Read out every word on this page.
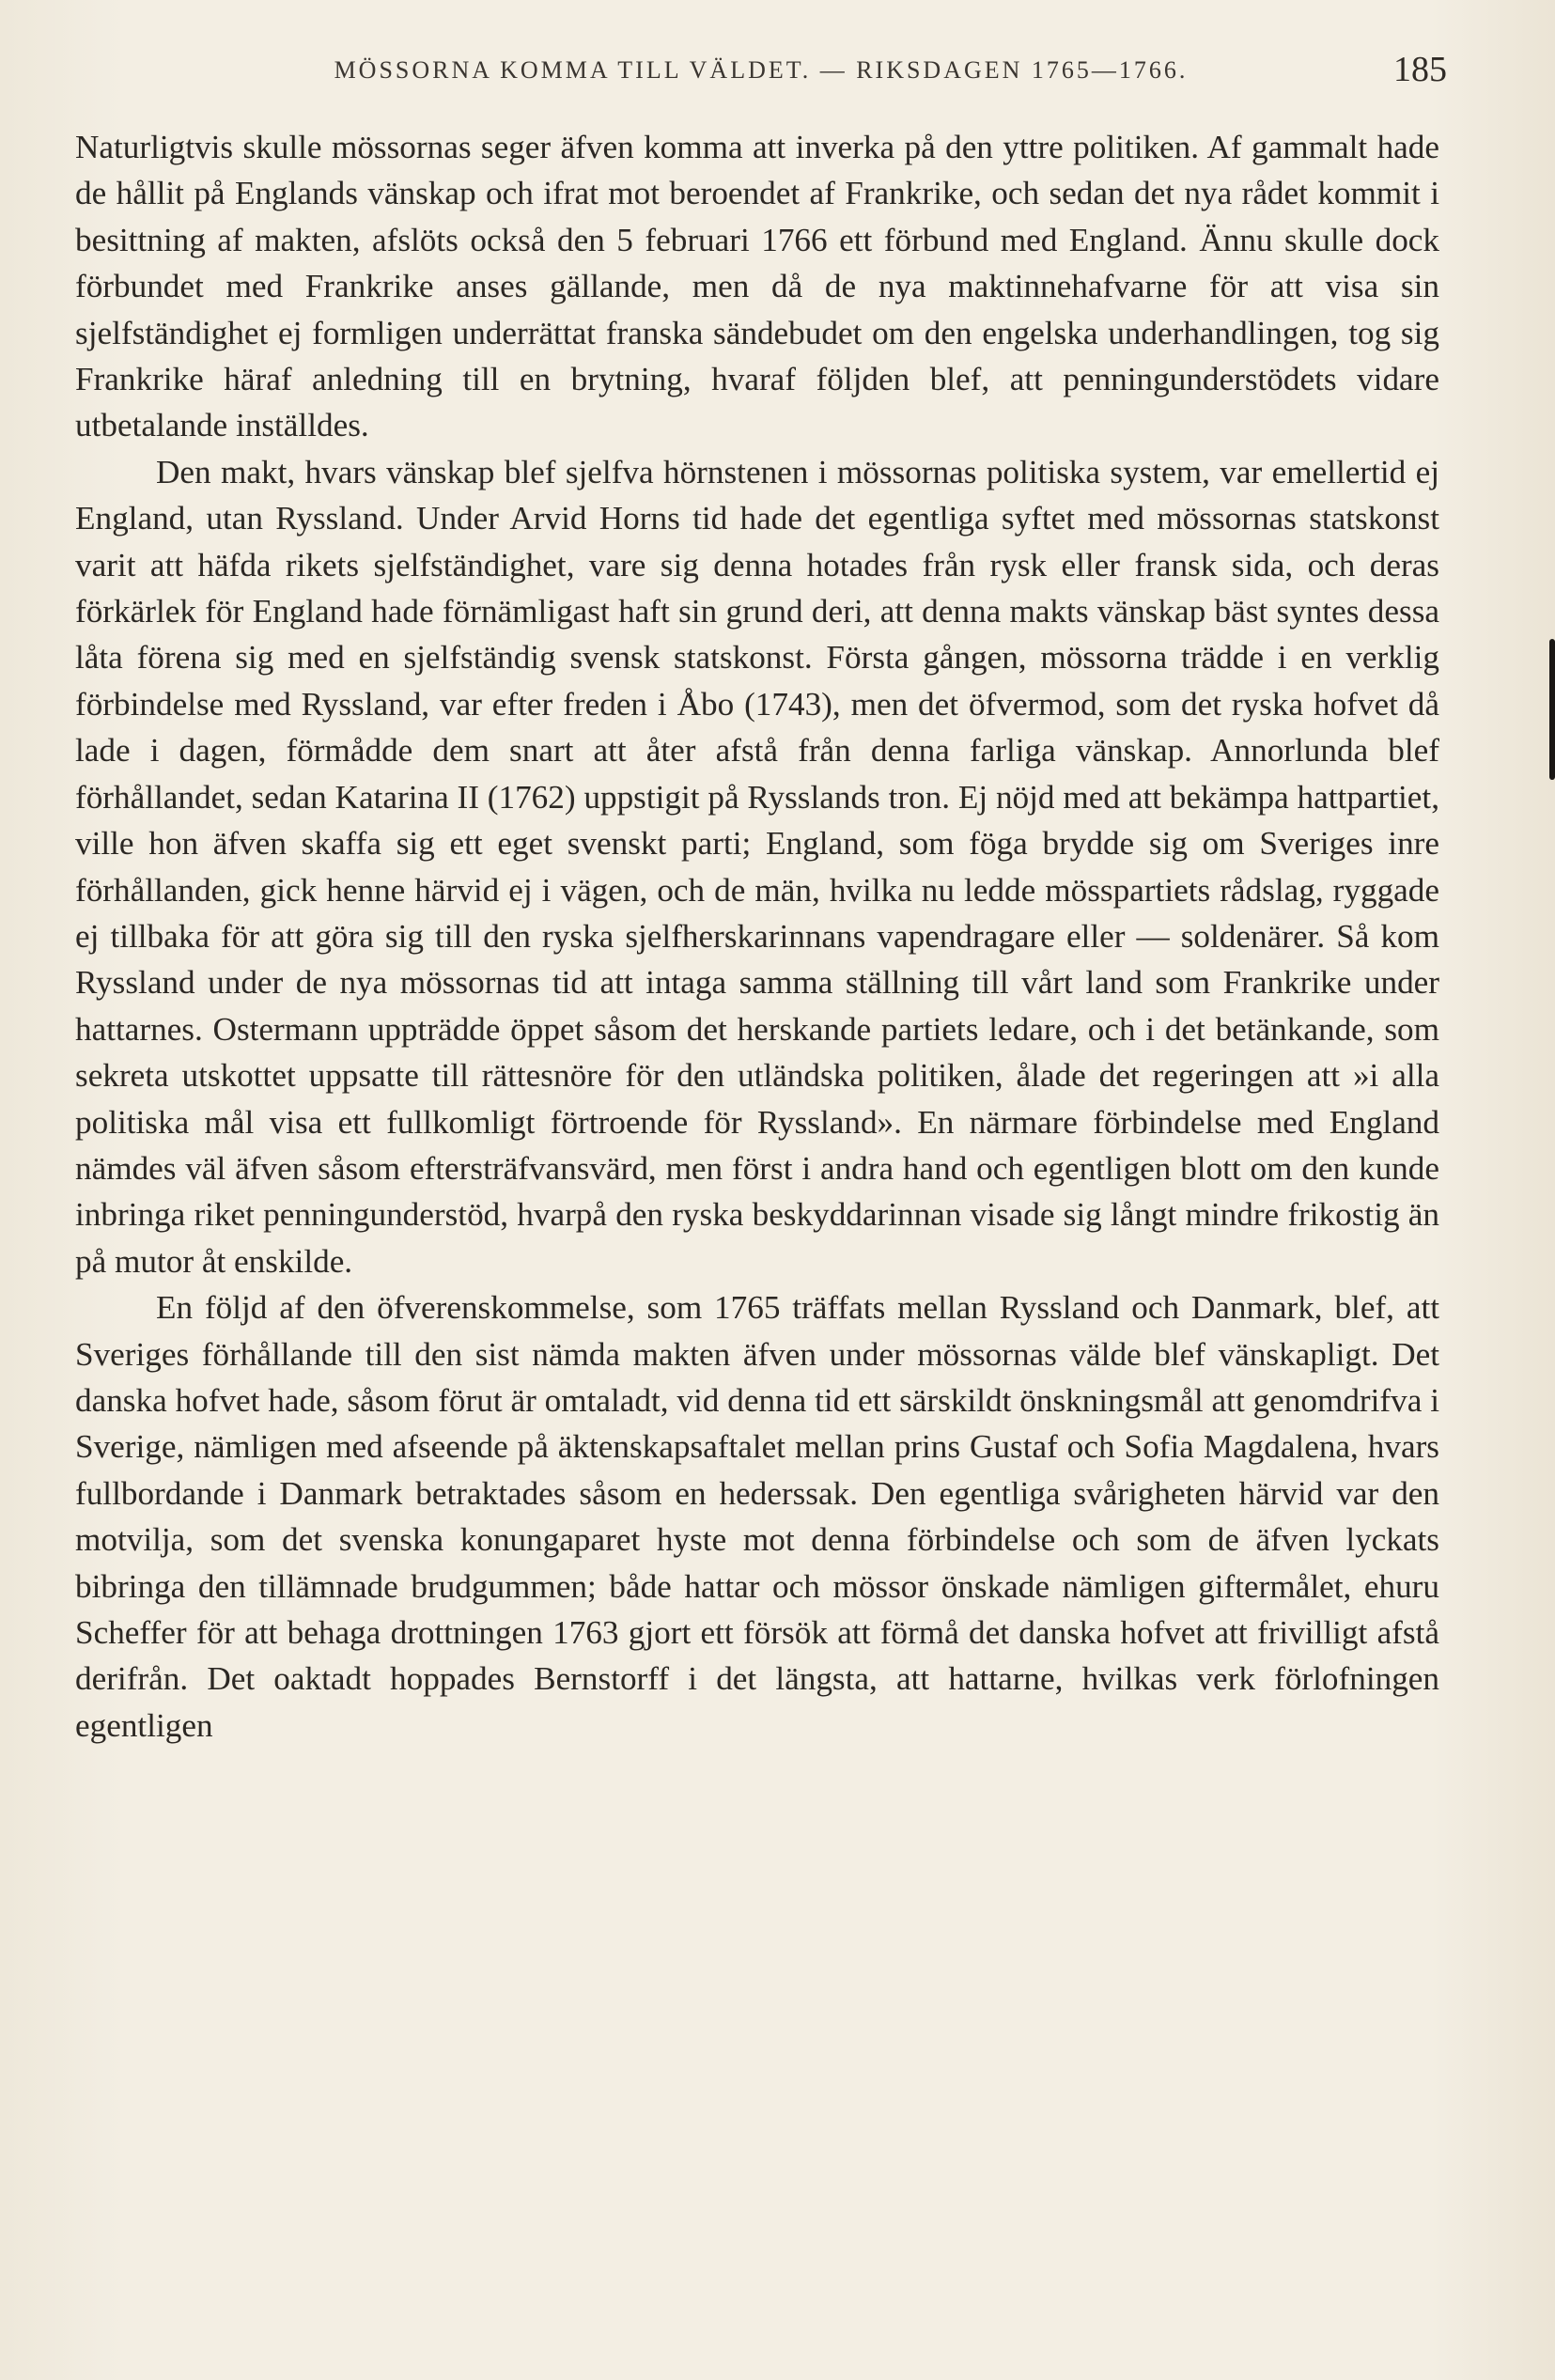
MÖSSORNA KOMMA TILL VÄLDET. — RIKSDAGEN 1765—1766.	185

Naturligtvis skulle mössornas seger äfven komma att inverka på den yttre politiken. Af gammalt hade de hållit på Englands vänskap och ifrat mot beroendet af Frankrike, och sedan det nya rådet kommit i besittning af makten, afslöts också den 5 februari 1766 ett förbund med England. Ännu skulle dock förbundet med Frankrike anses gällande, men då de nya maktinnehafvarne för att visa sin sjelfständighet ej formligen underrättat franska sändebudet om den engelska underhandlingen, tog sig Frankrike häraf anledning till en brytning, hvaraf följden blef, att penningunderstödets vidare utbetalande inställdes.

Den makt, hvars vänskap blef sjelfva hörnstenen i mössornas politiska system, var emellertid ej England, utan Ryssland. Under Arvid Horns tid hade det egentliga syftet med mössornas statskonst varit att häfda rikets sjelfständighet, vare sig denna hotades från rysk eller fransk sida, och deras förkärlek för England hade förnämligast haft sin grund deri, att denna makts vänskap bäst syntes dessa låta förena sig med en sjelfständig svensk statskonst. Första gången, mössorna trädde i en verklig förbindelse med Ryssland, var efter freden i Åbo (1743), men det öfvermod, som det ryska hofvet då lade i dagen, förmådde dem snart att åter afstå från denna farliga vänskap. Annorlunda blef förhållandet, sedan Katarina II (1762) uppstigit på Rysslands tron. Ej nöjd med att bekämpa hattpartiet, ville hon äfven skaffa sig ett eget svenskt parti; England, som föga brydde sig om Sveriges inre förhållanden, gick henne härvid ej i vägen, och de män, hvilka nu ledde mösspartiets rådslag, ryggade ej tillbaka för att göra sig till den ryska sjelfherskarinnans vapendragare eller — soldenärer. Så kom Ryssland under de nya mössornas tid att intaga samma ställning till vårt land som Frankrike under hattarnes. Ostermann uppträdde öppet såsom det herskande partiets ledare, och i det betänkande, som sekreta utskottet uppsatte till rättesnöre för den utländska politiken, ålade det regeringen att »i alla politiska mål visa ett fullkomligt förtroende för Ryssland». En närmare förbindelse med England nämdes väl äfven såsom eftersträfvansvärd, men först i andra hand och egentligen blott om den kunde inbringa riket penningunderstöd, hvarpå den ryska beskyddarinnan visade sig långt mindre frikostig än på mutor åt enskilde.

En följd af den öfverenskommelse, som 1765 träffats mellan Ryssland och Danmark, blef, att Sveriges förhållande till den sist nämda makten äfven under mössornas välde blef vänskapligt. Det danska hofvet hade, såsom förut är omtaladt, vid denna tid ett särskildt önskningsmål att genomdrifva i Sverige, nämligen med afseende på äktenskapsaftalet mellan prins Gustaf och Sofia Magdalena, hvars fullbordande i Danmark betraktades såsom en hederssak. Den egentliga svårigheten härvid var den motvilja, som det svenska konungaparet hyste mot denna förbindelse och som de äfven lyckats bibringa den tillämnade brudgummen; både hattar och mössor önskade nämligen giftermålet, ehuru Scheffer för att behaga drottningen 1763 gjort ett försök att förmå det danska hofvet att frivilligt afstå derifrån. Det oaktadt hoppades Bernstorff i det längsta, att hattarne, hvilkas verk förlofningen egentligen
